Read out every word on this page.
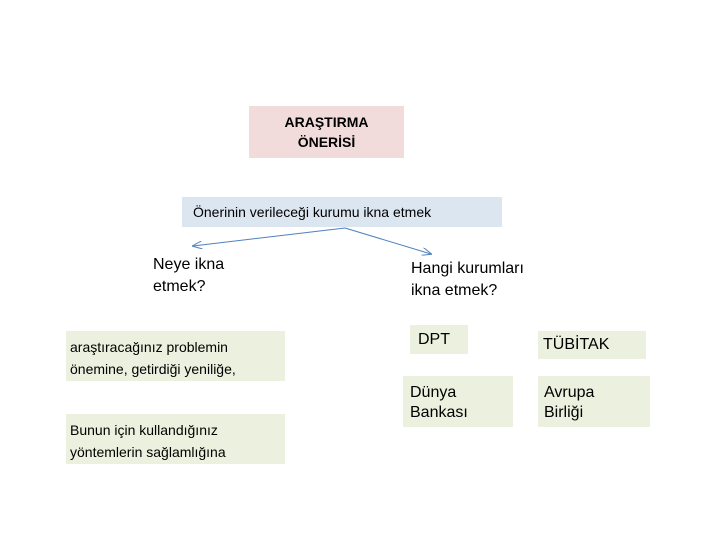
ARAŞTIRMA
ÖNERİSİ
Önerinin verileceği kurumu ikna etmek
Neye ikna
etmek?
Hangi kurumları
ikna etmek?
araştıracağınız problemin
önemine, getirdiği yeniliğe,
Bunun için kullandığınız
yöntemlerin sağlamlığına
DPT	TÜBİTAK
Dünya
Bankası
Avrupa
Birliği
